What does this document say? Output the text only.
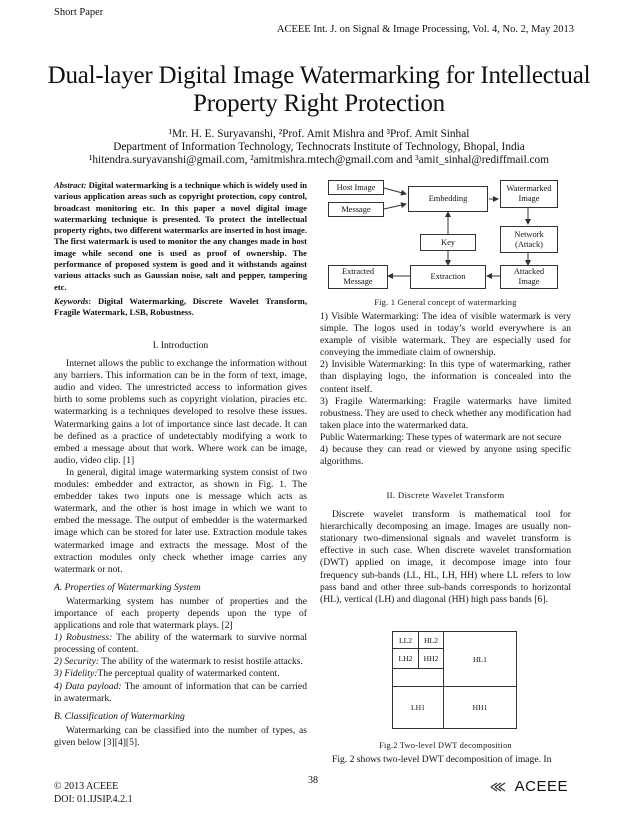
Short Paper
ACEEE Int. J. on Signal & Image Processing, Vol. 4, No. 2, May 2013
Dual-layer Digital Image Watermarking for Intellectual Property Right Protection
¹Mr. H. E. Suryavanshi, ²Prof. Amit Mishra and ³Prof. Amit Sinhal
Department of Information Technology, Technocrats Institute of Technology, Bhopal, India
¹hitendra.suryavanshi@gmail.com, ²amitmishra.mtech@gmail.com and ³amit_sinhal@rediffmail.com
Abstract: Digital watermarking is a technique which is widely used in various application areas such as copyright protection, copy control, broadcast monitoring etc. In this paper a novel digital image watermarking technique is presented. To protect the intellectual property rights, two different watermarks are inserted in host image. The first watermark is used to monitor the any changes made in host image while second one is used as proof of ownership. The performance of proposed system is good and it withstands against various attacks such as Gaussian noise, salt and pepper, tampering etc.
Keywords: Digital Watermarking, Discrete Wavelet Transform, Fragile Watermark, LSB, Robustness.

I. Introduction

Internet allows the public to exchange the information without any barriers. This information can be in the form of text, image, audio and video. The unrestricted access to information gives birth to some problems such as copyright violation, piracies etc. watermarking is a techniques developed to resolve these issues. Watermarking gains a lot of importance since last decade. It can be defined as a practice of undetectably modifying a work to embed a message about that work. Where work can be image, audio, video clip. [1]

In general, digital image watermarking system consist of two modules: embedder and extractor, as shown in Fig. 1. The embedder takes two inputs one is message which acts as watermark, and the other is host image in which we want to embed the message. The output of embedder is the watermarked image which can be stored for later use. Extraction module takes watermarked image and extracts the message. Most of the extraction modules only check whether image carries any watermark or not.

A. Properties of Watermarking System

Watermarking system has number of properties and the importance of each property depends upon the type of applications and role that watermark plays. [2]

1) Robustness: The ability of the watermark to survive normal processing of content.

2) Security: The ability of the watermark to resist hostile attacks.

3) Fidelity:The perceptual quality of watermarked content.

4) Data payload: The amount of information that can be carried in awatermark.

B. Classification of Watermarking

Watermarking can be classified into the number of types, as given below [3][4][5].

Host Image
Message
Embedding
Watermarked
Image
Key
Network
(Attack)
Extracted
Message
Extraction
Attacked
Image
Fig. 1 General concept of watermarking

1) Visible Watermarking: The idea of visible watermark is very simple. The logos used in today’s world everywhere is an example of visible watermark. They are especially used for conveying the immediate claim of ownership.

2) Invisible Watermarking: In this type of watermarking, rather than displaying logo, the information is concealed into the content itself.

3) Fragile Watermarking: Fragile watermarks have limited robustness. They are used to check whether any modification had taken place into the watermarked data.

Public Watermarking: These types of watermark are not secure

4) because they can read or viewed by anyone using specific algorithms.

II. Discrete Wavelet Transform

Discrete wavelet transform is mathematical tool for hierarchically decomposing an image. Images are usually non-stationary two-dimensional signals and wavelet transform is effective in such case. When discrete wavelet transformation (DWT) applied on image, it decompose image into four frequency sub-bands (LL, HL, LH, HH) where LL refers to low pass band and other three sub-bands corresponds to horizontal (HL), vertical (LH) and diagonal (HH) high pass bands [6].

LL2	HL2
LH2	HH2	HL1
LH1	HH1
Fig.2 Two-level DWT decomposition
Fig. 2 shows two-level DWT decomposition of image. In
© 2013 ACEEE
DOI: 01.IJSIP.4.2.1
38	ACEEE
